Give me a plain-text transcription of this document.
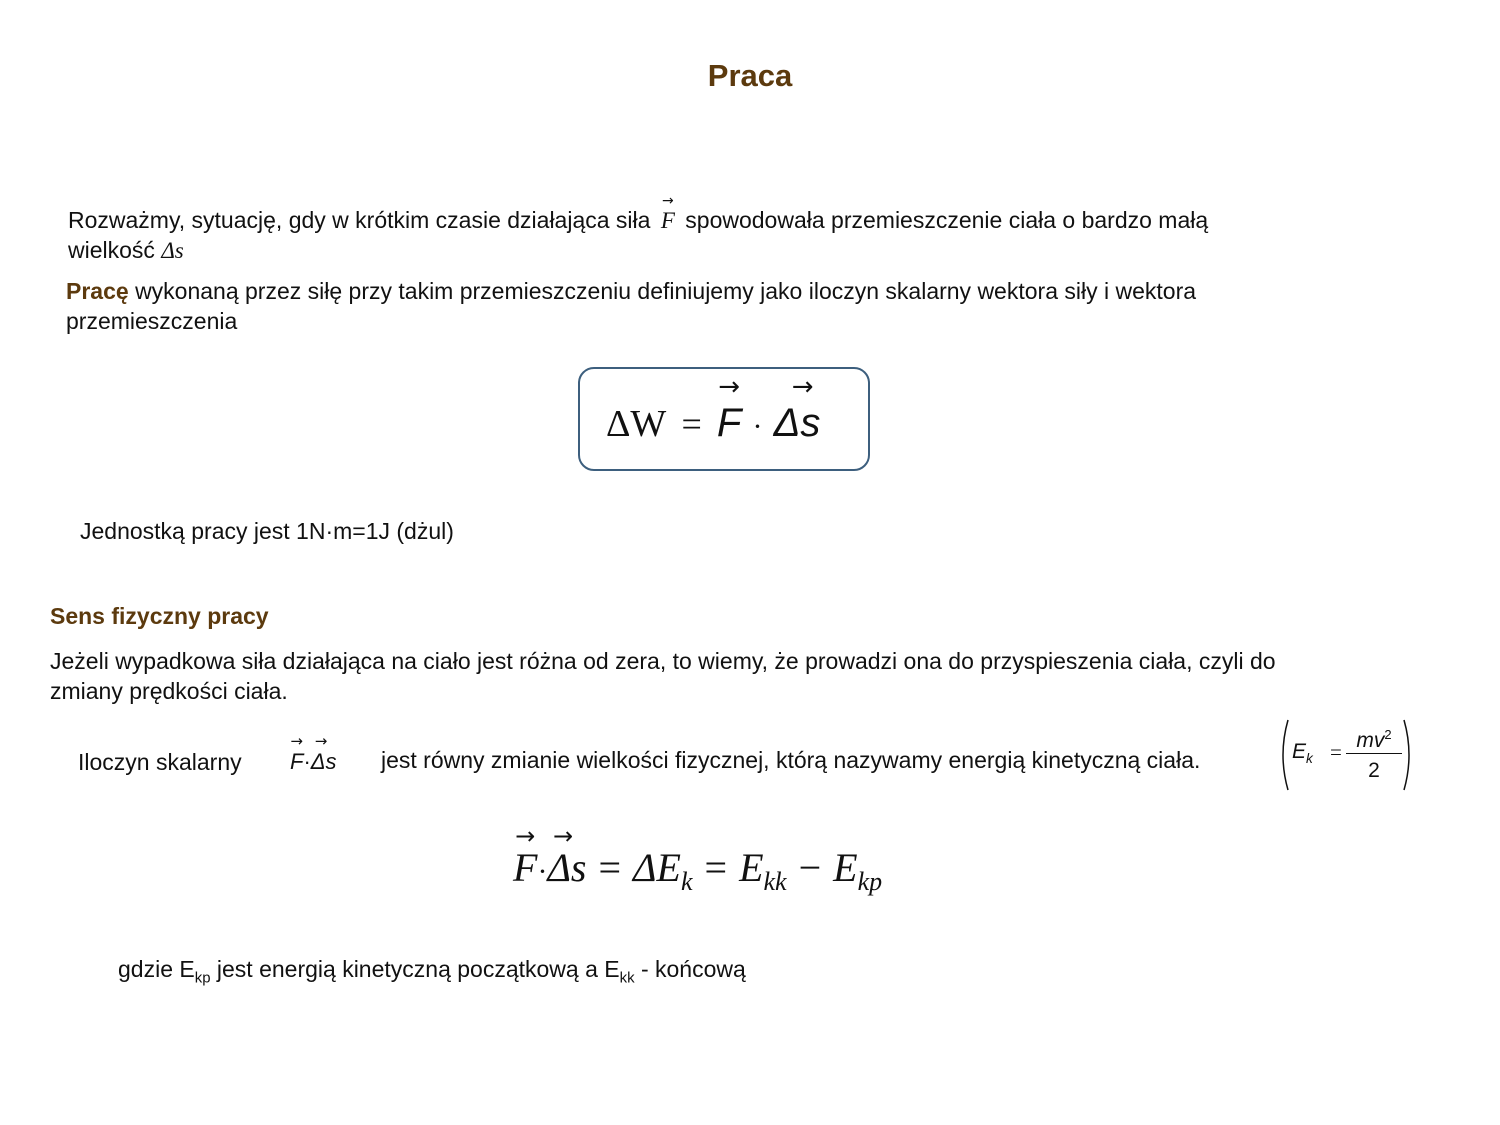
Praca
Rozważmy, sytuację, gdy w krótkim czasie działająca siła
→
F spowodowała przemieszczenie ciała o bardzo małą
wielkość Δs
Pracę wykonaną przez siłę przy takim przemieszczeniu definiujemy jako iloczyn skalarny wektora siły i wektora
przemieszczenia
ΔW =
→
F ·
→
Δs
Jednostką pracy jest 1N·m=1J (dżul)
Sens fizyczny pracy
Jeżeli wypadkowa siła działająca na ciało jest różna od zera, to wiemy, że prowadzi ona do przyspieszenia ciała, czyli do
zmiany prędkości ciała.
Iloczyn skalarny
→
F·
→
Δs jest równy zmianie wielkości fizycznej, którą nazywamy energią kinetyczną ciała.	$E_k = mv^2$
2
→
F·
→
$\Delta s = \Delta E_k = E_{kk} - E_{kp}$
gdzie $E_{kp}$ jest energią kinetyczną początkową a $E_{kk}$ - końcową
